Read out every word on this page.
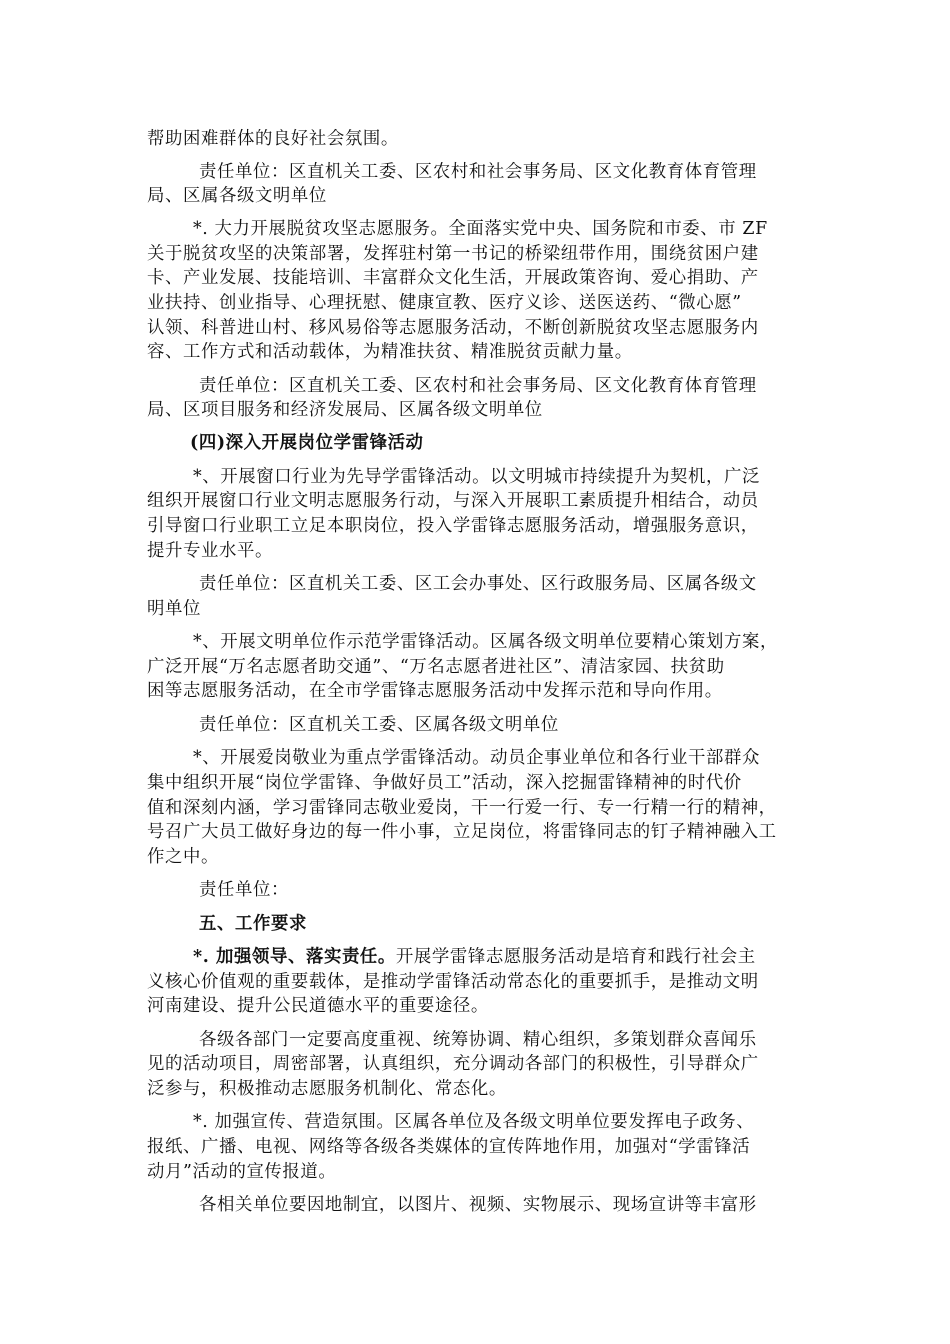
帮助困难群体的良好社会氛围。
责任单位：区直机关工委、区农村和社会事务局、区文化教育体育管理
局、区属各级文明单位
*. 大力开展脱贫攻坚志愿服务。全面落实党中央、国务院和市委、市 ZF
关于脱贫攻坚的决策部署，发挥驻村第一书记的桥梁纽带作用，围绕贫困户建
卡、产业发展、技能培训、丰富群众文化生活，开展政策咨询、爱心捐助、产
业扶持、创业指导、心理抚慰、健康宣教、医疗义诊、送医送药、“微心愿”
认领、科普进山村、移风易俗等志愿服务活动，不断创新脱贫攻坚志愿服务内
容、工作方式和活动载体，为精准扶贫、精准脱贫贡献力量。
责任单位：区直机关工委、区农村和社会事务局、区文化教育体育管理
局、区项目服务和经济发展局、区属各级文明单位
(四)深入开展岗位学雷锋活动
*、开展窗口行业为先导学雷锋活动。以文明城市持续提升为契机，广泛
组织开展窗口行业文明志愿服务行动，与深入开展职工素质提升相结合，动员
引导窗口行业职工立足本职岗位，投入学雷锋志愿服务活动，增强服务意识，
提升专业水平。
责任单位：区直机关工委、区工会办事处、区行政服务局、区属各级文
明单位
*、开展文明单位作示范学雷锋活动。区属各级文明单位要精心策划方案，
广泛开展“万名志愿者助交通”、“万名志愿者进社区”、清洁家园、扶贫助
困等志愿服务活动，在全市学雷锋志愿服务活动中发挥示范和导向作用。
责任单位：区直机关工委、区属各级文明单位
*、开展爱岗敬业为重点学雷锋活动。动员企事业单位和各行业干部群众
集中组织开展“岗位学雷锋、争做好员工”活动，深入挖掘雷锋精神的时代价
值和深刻内涵，学习雷锋同志敬业爱岗，干一行爱一行、专一行精一行的精神，
号召广大员工做好身边的每一件小事，立足岗位，将雷锋同志的钉子精神融入工
作之中。
责任单位：
五、工作要求
*. 加强领导、落实责任。开展学雷锋志愿服务活动是培育和践行社会主
义核心价值观的重要载体，是推动学雷锋活动常态化的重要抓手，是推动文明
河南建设、提升公民道德水平的重要途径。
各级各部门一定要高度重视、统筹协调、精心组织，多策划群众喜闻乐
见的活动项目，周密部署，认真组织，充分调动各部门的积极性，引导群众广
泛参与，积极推动志愿服务机制化、常态化。
*. 加强宣传、营造氛围。区属各单位及各级文明单位要发挥电子政务、
报纸、广播、电视、网络等各级各类媒体的宣传阵地作用，加强对“学雷锋活
动月”活动的宣传报道。
各相关单位要因地制宜，以图片、视频、实物展示、现场宣讲等丰富形
